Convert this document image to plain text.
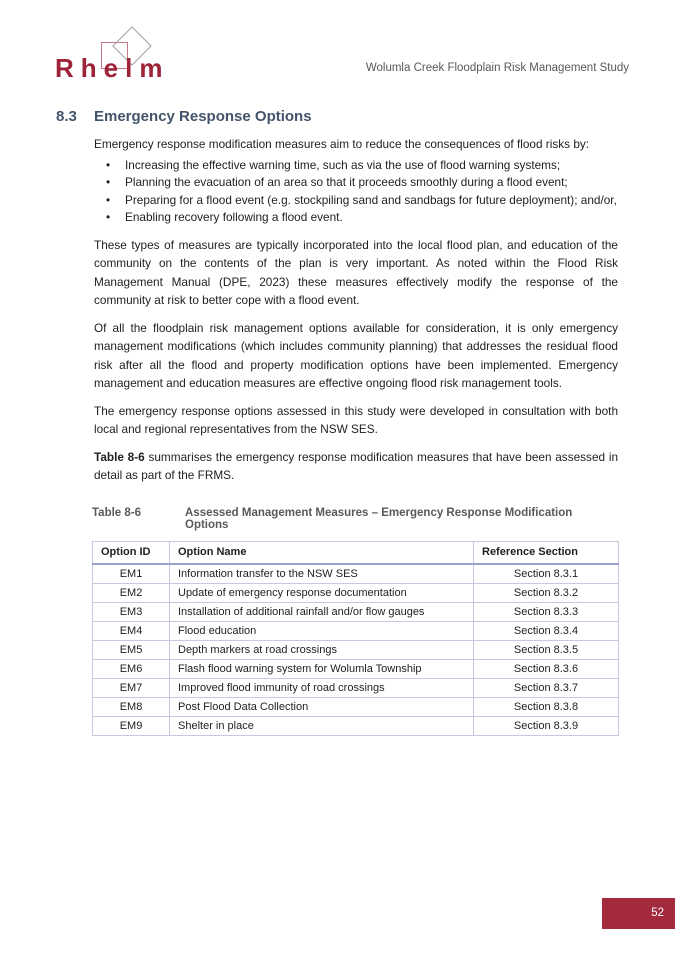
Rhelm	Wolumla Creek Floodplain Risk Management Study
8.3 Emergency Response Options

Emergency response modification measures aim to reduce the consequences of flood risks by:

• Increasing the effective warning time, such as via the use of flood warning systems;
• Planning the evacuation of an area so that it proceeds smoothly during a flood event;
• Preparing for a flood event (e.g. stockpiling sand and sandbags for future deployment); and/or,
• Enabling recovery following a flood event.

These types of measures are typically incorporated into the local flood plan, and education of the community on the contents of the plan is very important. As noted within the Flood Risk Management Manual (DPE, 2023) these measures effectively modify the response of the community at risk to better cope with a flood event.

Of all the floodplain risk management options available for consideration, it is only emergency management modifications (which includes community planning) that addresses the residual flood risk after all the flood and property modification options have been implemented. Emergency management and education measures are effective ongoing flood risk management tools.

The emergency response options assessed in this study were developed in consultation with both local and regional representatives from the NSW SES.

Table 8-6 summarises the emergency response modification measures that have been assessed in detail as part of the FRMS.

Table 8-6	Assessed Management Measures – Emergency Response Modification Options
Option ID	Option Name	Reference Section
EM1	Information transfer to the NSW SES	Section 8.3.1
EM2	Update of emergency response documentation	Section 8.3.2
EM3	Installation of additional rainfall and/or flow gauges	Section 8.3.3
EM4	Flood education	Section 8.3.4
EM5	Depth markers at road crossings	Section 8.3.5
EM6	Flash flood warning system for Wolumla Township	Section 8.3.6
EM7	Improved flood immunity of road crossings	Section 8.3.7
EM8	Post Flood Data Collection	Section 8.3.8
EM9	Shelter in place	Section 8.3.9
52
